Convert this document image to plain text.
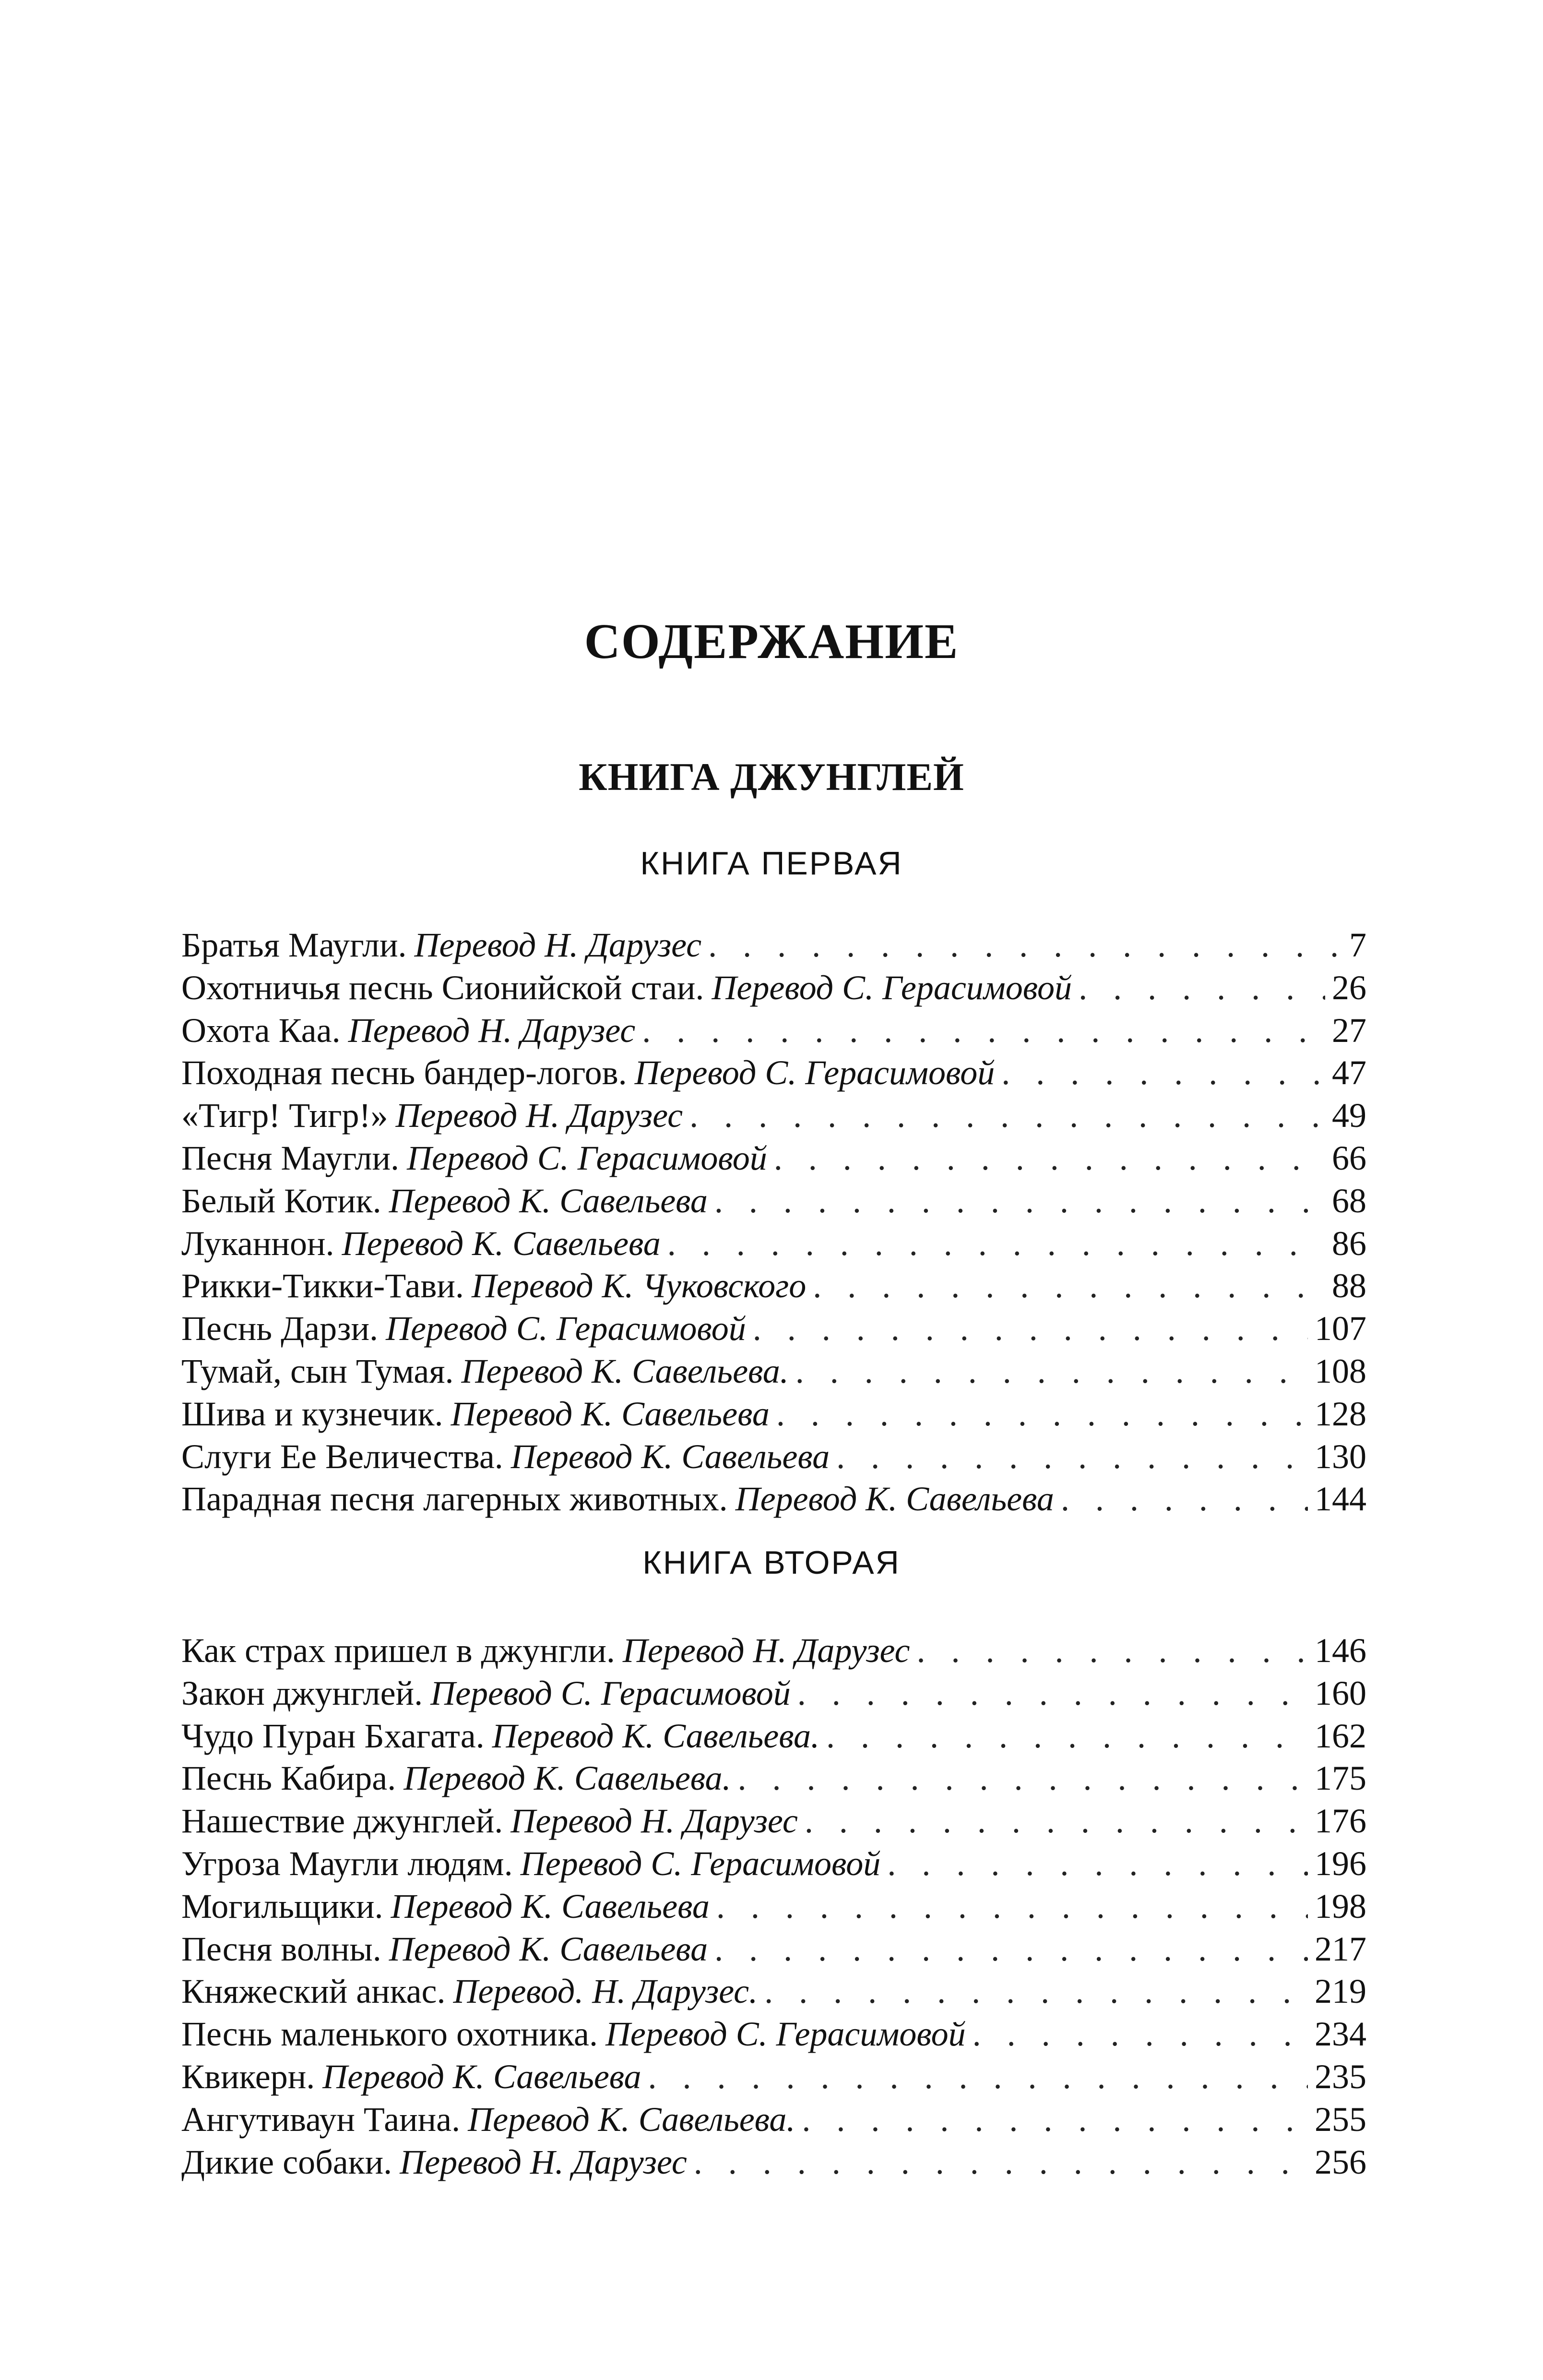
СОДЕРЖАНИЕ
КНИГА ДЖУНГЛЕЙ
КНИГА ПЕРВАЯ
Братья Маугли. Перевод Н. Дарузес . . .	7
Охотничья песнь Сионийской стаи. Перевод С. Герасимовой . . .	26
Охота Каа. Перевод Н. Дарузес . . .	27
Походная песнь бандер-логов. Перевод С. Герасимовой . . .	47
«Тигр! Тигр!» Перевод Н. Дарузес . . .	49
Песня Маугли. Перевод С. Герасимовой . . .	66
Белый Котик. Перевод К. Савельева . . .	68
Луканнон. Перевод К. Савельева . . .	86
Рикки-Тикки-Тави. Перевод К. Чуковского . . .	88
Песнь Дарзи. Перевод С. Герасимовой . . .	107
Тумай, сын Тумая. Перевод К. Савельева. . . .	108
Шива и кузнечик. Перевод К. Савельева . . .	128
Слуги Ее Величества. Перевод К. Савельева . . .	130
Парадная песня лагерных животных. Перевод К. Савельева . . .	144
КНИГА ВТОРАЯ
Как страх пришел в джунгли. Перевод Н. Дарузес . . .	146
Закон джунглей. Перевод С. Герасимовой . . .	160
Чудо Пуран Бхагата. Перевод К. Савельева. . . .	162
Песнь Кабира. Перевод К. Савельева. . . .	175
Нашествие джунглей. Перевод Н. Дарузес . . .	176
Угроза Маугли людям. Перевод С. Герасимовой . . .	196
Могильщики. Перевод К. Савельева . . .	198
Песня волны. Перевод К. Савельева . . .	217
Княжеский анкас. Перевод. Н. Дарузес. . . .	219
Песнь маленького охотника. Перевод С. Герасимовой . . .	234
Квикерн. Перевод К. Савельева . . .	235
Ангутиваун Таина. Перевод К. Савельева. . . .	255
Дикие собаки. Перевод Н. Дарузес . . .	256
